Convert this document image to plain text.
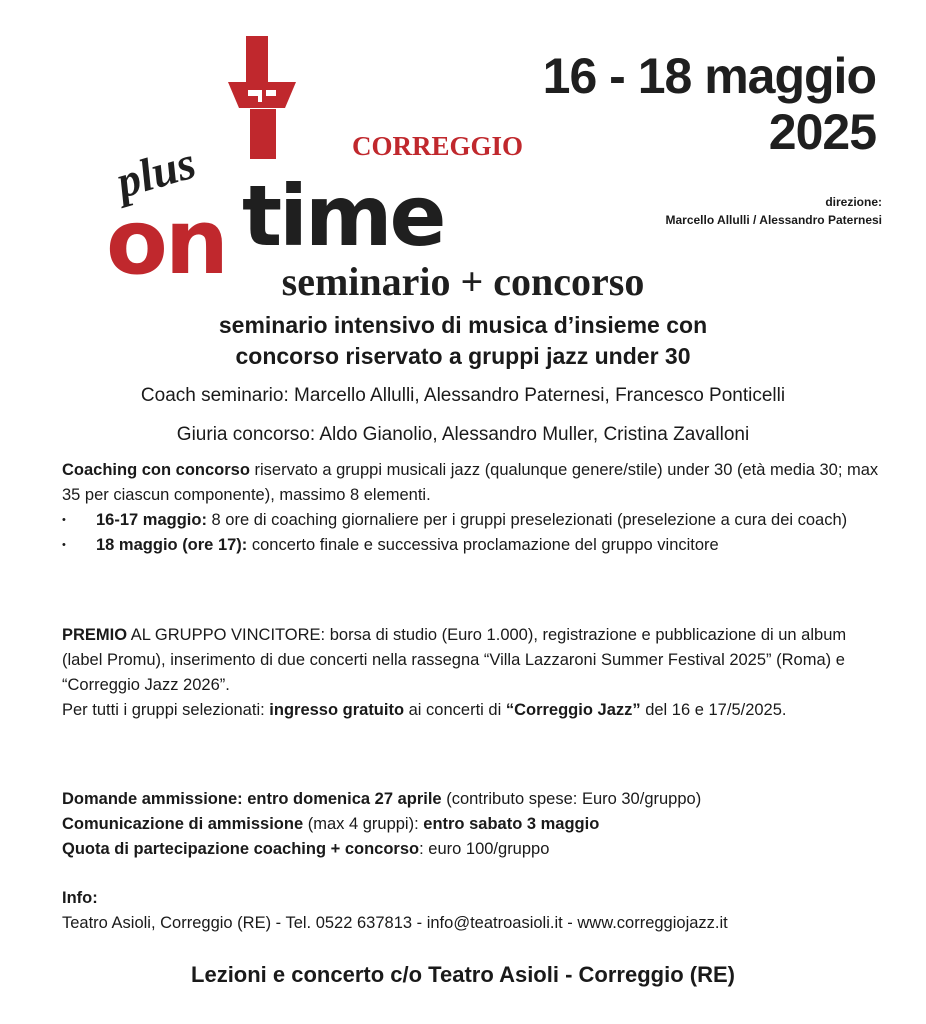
plus	CORREGGIO
on time
16 - 18 maggio
2025
direzione:
Marcello Allulli / Alessandro Paternesi
seminario + concorso
seminario intensivo di musica d’insieme con
concorso riservato a gruppi jazz under 30
Coach seminario: Marcello Allulli, Alessandro Paternesi, Francesco Ponticelli
Giuria concorso: Aldo Gianolio, Alessandro Muller, Cristina Zavalloni
Coaching con concorso riservato a gruppi musicali jazz (qualunque genere/stile) under 30 (età media 30; max 35 per ciascun componente), massimo 8 elementi.
• 16-17 maggio: 8 ore di coaching giornaliere per i gruppi preselezionati (preselezione a cura dei coach)
• 18 maggio (ore 17): concerto finale e successiva proclamazione del gruppo vincitore
PREMIO AL GRUPPO VINCITORE: borsa di studio (Euro 1.000), registrazione e pubblicazione di un album (label Promu), inserimento di due concerti nella rassegna “Villa Lazzaroni Summer Festival 2025” (Roma) e “Correggio Jazz 2026”.
Per tutti i gruppi selezionati: ingresso gratuito ai concerti di “Correggio Jazz” del 16 e 17/5/2025.
Domande ammissione: entro domenica 27 aprile (contributo spese: Euro 30/gruppo)
Comunicazione di ammissione (max 4 gruppi): entro sabato 3 maggio
Quota di partecipazione coaching + concorso: euro 100/gruppo
Info:
Teatro Asioli, Correggio (RE) - Tel. 0522 637813 - info@teatroasioli.it - www.correggiojazz.it
Lezioni e concerto c/o Teatro Asioli - Correggio (RE)
